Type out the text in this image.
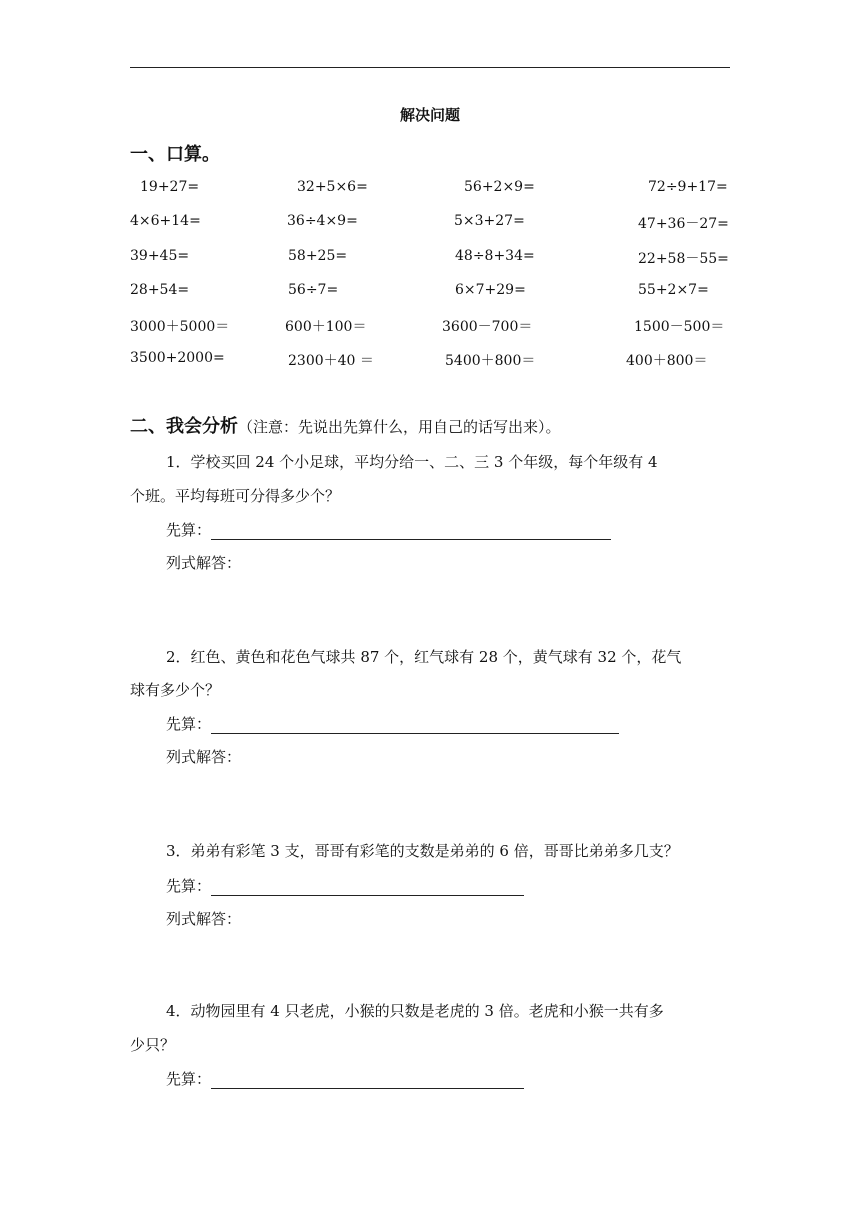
解决问题
一、口算。
19+27=	32+5×6=	56+2×9=	72÷9+17=
4×6+14=	36÷4×9=	5×3+27=	47+36－27=
39+45=	58+25=	48÷8+34=	22+58－55=
28+54=	56÷7=	6×7+29=	55+2×7=
3000＋5000＝	600＋100＝	3600－700＝	1500－500＝
3500+2000=	2300＋40 ＝	5400＋800＝	400＋800＝
二、我会分析（注意：先说出先算什么，用自己的话写出来）。
1．学校买回 24 个小足球，平均分给一、二、三 3 个年级，每个年级有 4
个班。平均每班可分得多少个？
先算：
列式解答：
2．红色、黄色和花色气球共 87 个，红气球有 28 个，黄气球有 32 个，花气
球有多少个？
先算：
列式解答：
3．弟弟有彩笔 3 支，哥哥有彩笔的支数是弟弟的 6 倍，哥哥比弟弟多几支？
先算：
列式解答：
4．动物园里有 4 只老虎，小猴的只数是老虎的 3 倍。老虎和小猴一共有多
少只？
先算：
